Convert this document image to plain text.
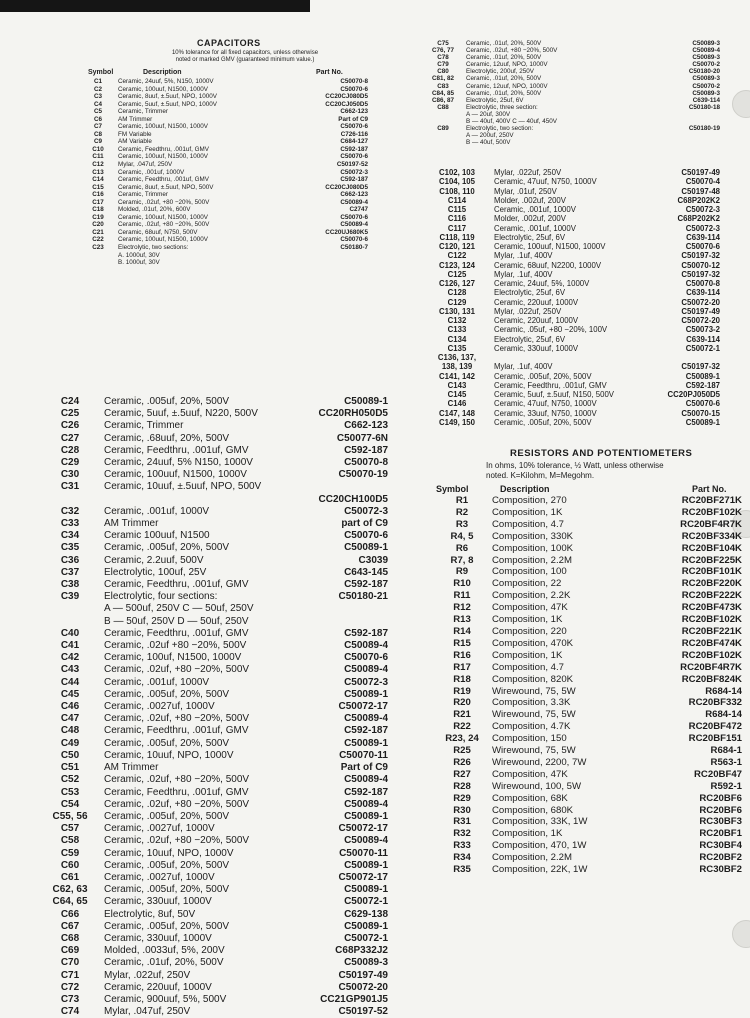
CAPACITORS
10% tolerance for all fixed capacitors, unless otherwise
noted or marked GMV (guaranteed minimum value.)
Symbol	Description	Part No.
C1	Ceramic, 24uuf, 5%, N150, 1000V	C50070-8
C2	Ceramic, 100uuf, N1500, 1000V	C50070-6
C3	Ceramic, 8uuf, ±.5uuf, NPO, 1000V	CC20CJ080D5
C4	Ceramic, 5uuf, ±.5uuf, NPO, 1000V	CC20CJ050D5
C5	Ceramic, Trimmer	C662-123
C6	AM Trimmer	Part of C9
C7	Ceramic, 100uuf, N1500, 1000V	C50070-6
C8	FM Variable	C726-116
C9	AM Variable	C684-127
C10	Ceramic, Feedthru, .001uf, GMV	C592-187
C11	Ceramic, 100uuf, N1500, 1000V	C50070-6
C12	Mylar, .047uf, 250V	C50197-52
C13	Ceramic, .001uf, 1000V	C50072-3
C14	Ceramic, Feedthru, .001uf, GMV	C592-187
C15	Ceramic, 8uuf, ±.5uuf, NPO, 500V	CC20CJ080D5
C16	Ceramic, Trimmer	C662-123
C17	Ceramic, .02uf, +80 −20%, 500V	C50089-4
C18	Molded, .01uf, 20%, 600V	C2747
C19	Ceramic, 100uuf, N1500, 1000V	C50070-6
C20	Ceramic, .02uf, +80 −20%, 500V	C50089-4
C21	Ceramic, 68uuf, N750, 500V	CC20UJ680K5
C22	Ceramic, 100uuf, N1500, 1000V	C50070-6
C23	Electrolytic, two sections:	C50180-7
	A. 1000uf, 30V	
	B. 1000uf, 30V	
C24	Ceramic, .005uf, 20%, 500V	C50089-1
C25	Ceramic, 5uuf, ±.5uuf, N220, 500V	CC20RH050D5
C26	Ceramic, Trimmer	C662-123
C27	Ceramic, .68uuf, 20%, 500V	C50077-6N
C28	Ceramic, Feedthru, .001uf, GMV	C592-187
C29	Ceramic, 24uuf, 5% N150, 1000V	C50070-8
C30	Ceramic, 100uuf, N1500, 1000V	C50070-19
C31	Ceramic, 10uuf, ±.5uuf, NPO, 500V	
		CC20CH100D5
C32	Ceramic, .001uf, 1000V	C50072-3
C33	AM Trimmer	part of C9
C34	Ceramic 100uuf, N1500	C50070-6
C35	Ceramic, .005uf, 20%, 500V	C50089-1
C36	Ceramic, 2.2uuf, 500V	C3039
C37	Electrolytic, 100uf, 25V	C643-145
C38	Ceramic, Feedthru, .001uf, GMV	C592-187
C39	Electrolytic, four sections:	C50180-21
	A — 500uf, 250V C — 50uf, 250V	
	B — 50uf, 250V D — 50uf, 250V	
C40	Ceramic, Feedthru, .001uf, GMV	C592-187
C41	Ceramic, .02uf +80 −20%, 500V	C50089-4
C42	Ceramic, 100uf, N1500, 1000V	C50070-6
C43	Ceramic, .02uf, +80 −20%, 500V	C50089-4
C44	Ceramic, .001uf, 1000V	C50072-3
C45	Ceramic, .005uf, 20%, 500V	C50089-1
C46	Ceramic, .0027uf, 1000V	C50072-17
C47	Ceramic, .02uf, +80 −20%, 500V	C50089-4
C48	Ceramic, Feedthru, .001uf, GMV	C592-187
C49	Ceramic, .005uf, 20%, 500V	C50089-1
C50	Ceramic, 10uuf, NPO, 1000V	C50070-11
C51	AM Trimmer	Part of C9
C52	Ceramic, .02uf, +80 −20%, 500V	C50089-4
C53	Ceramic, Feedthru, .001uf, GMV	C592-187
C54	Ceramic, .02uf, +80 −20%, 500V	C50089-4
C55, 56	Ceramic, .005uf, 20%, 500V	C50089-1
C57	Ceramic, .0027uf, 1000V	C50072-17
C58	Ceramic, .02uf, +80 −20%, 500V	C50089-4
C59	Ceramic, 10uuf, NPO, 1000V	C50070-11
C60	Ceramic, .005uf, 20%, 500V	C50089-1
C61	Ceramic, .0027uf, 1000V	C50072-17
C62, 63	Ceramic, .005uf, 20%, 500V	C50089-1
C64, 65	Ceramic, 330uuf, 1000V	C50072-1
C66	Electrolytic, 8uf, 50V	C629-138
C67	Ceramic, .005uf, 20%, 500V	C50089-1
C68	Ceramic, 330uuf, 1000V	C50072-1
C69	Molded, .0033uf, 5%, 200V	C68P332J2
C70	Ceramic, .01uf, 20%, 500V	C50089-3
C71	Mylar, .022uf, 250V	C50197-49
C72	Ceramic, 220uuf, 1000V	C50072-20
C73	Ceramic, 900uuf, 5%, 500V	CC21GP901J5
C74	Mylar, .047uf, 250V	C50197-52
C75	Ceramic, .01uf, 20%, 500V	C50089-3
C76, 77	Ceramic, .02uf, +80 −20%, 500V	C50089-4
C78	Ceramic, .01uf, 20%, 500V	C50089-3
C79	Ceramic, 12uuf, NPO, 1000V	C50070-2
C80	Electrolytic, 200uf, 250V	C50180-20
C81, 82	Ceramic, .01uf, 20%, 500V	C50089-3
C83	Ceramic, 12uuf, NPO, 1000V	C50070-2
C84, 85	Ceramic, .01uf, 20%, 500V	C50089-3
C86, 87	Electrolytic, 25uf, 6V	C639-114
C88	Electrolytic, three section:	C50180-18
	A — 20uf, 300V	
	B — 40uf, 400V C — 40uf, 450V	
C89	Electrolytic, two section:	C50180-19
	A — 200uf, 250V	
	B — 40uf, 500V	
C102, 103	Mylar, .022uf, 250V	C50197-49
C104, 105	Ceramic, 47uuf, N750, 1000V	C50070-4
C108, 110	Mylar, .01uf, 250V	C50197-48
C114	Molder, .002uf, 200V	C68P202K2
C115	Ceramic, .001uf, 1000V	C50072-3
C116	Molder, .002uf, 200V	C68P202K2
C117	Ceramic, .001uf, 1000V	C50072-3
C118, 119	Electrolytic, 25uf, 6V	C639-114
C120, 121	Ceramic, 100uuf, N1500, 1000V	C50070-6
C122	Mylar, .1uf, 400V	C50197-32
C123, 124	Ceramic, 68uuf, N2200, 1000V	C50070-12
C125	Mylar, .1uf, 400V	C50197-32
C126, 127	Ceramic, 24uuf, 5%, 1000V	C50070-8
C128	Electrolytic, 25uf, 6V	C639-114
C129	Ceramic, 220uuf, 1000V	C50072-20
C130, 131	Mylar, .022uf, 250V	C50197-49
C132	Ceramic, 220uuf, 1000V	C50072-20
C133	Ceramic, .05uf, +80 −20%, 100V	C50073-2
C134	Electrolytic, 25uf, 6V	C639-114
C135	Ceramic, 330uuf, 1000V	C50072-1
C136, 137,		
138, 139	Mylar, .1uf, 400V	C50197-32
C141, 142	Ceramic, .005uf, 20%, 500V	C50089-1
C143	Ceramic, Feedthru, .001uf, GMV	C592-187
C145	Ceramic, 5uuf, ±.5uuf, N150, 500V	CC20PJ050D5
C146	Ceramic, 47uuf, N750, 1000V	C50070-6
C147, 148	Ceramic, 33uuf, N750, 1000V	C50070-15
C149, 150	Ceramic, .005uf, 20%, 500V	C50089-1
RESISTORS AND POTENTIOMETERS
In ohms, 10% tolerance, ½ Watt, unless otherwise
noted. K=Kilohm, M=Megohm.
Symbol	Description	Part No.
R1	Composition, 270	RC20BF271K
R2	Composition, 1K	RC20BF102K
R3	Composition, 4.7	RC20BF4R7K
R4, 5	Composition, 330K	RC20BF334K
R6	Composition, 100K	RC20BF104K
R7, 8	Composition, 2.2M	RC20BF225K
R9	Composition, 100	RC20BF101K
R10	Composition, 22	RC20BF220K
R11	Composition, 2.2K	RC20BF222K
R12	Composition, 47K	RC20BF473K
R13	Composition, 1K	RC20BF102K
R14	Composition, 220	RC20BF221K
R15	Composition, 470K	RC20BF474K
R16	Composition, 1K	RC20BF102K
R17	Composition, 4.7	RC20BF4R7K
R18	Composition, 820K	RC20BF824K
R19	Wirewound, 75, 5W	R684-14
R20	Composition, 3.3K	RC20BF332
R21	Wirewound, 75, 5W	R684-14
R22	Composition, 4.7K	RC20BF472
R23, 24	Composition, 150	RC20BF151
R25	Wirewound, 75, 5W	R684-1
R26	Wirewound, 2200, 7W	R563-1
R27	Composition, 47K	RC20BF47
R28	Wirewound, 100, 5W	R592-1
R29	Composition, 68K	RC20BF6
R30	Composition, 680K	RC20BF6
R31	Composition, 33K, 1W	RC30BF3
R32	Composition, 1K	RC20BF1
R33	Composition, 470, 1W	RC30BF4
R34	Composition, 2.2M	RC20BF2
R35	Composition, 22K, 1W	RC30BF2
